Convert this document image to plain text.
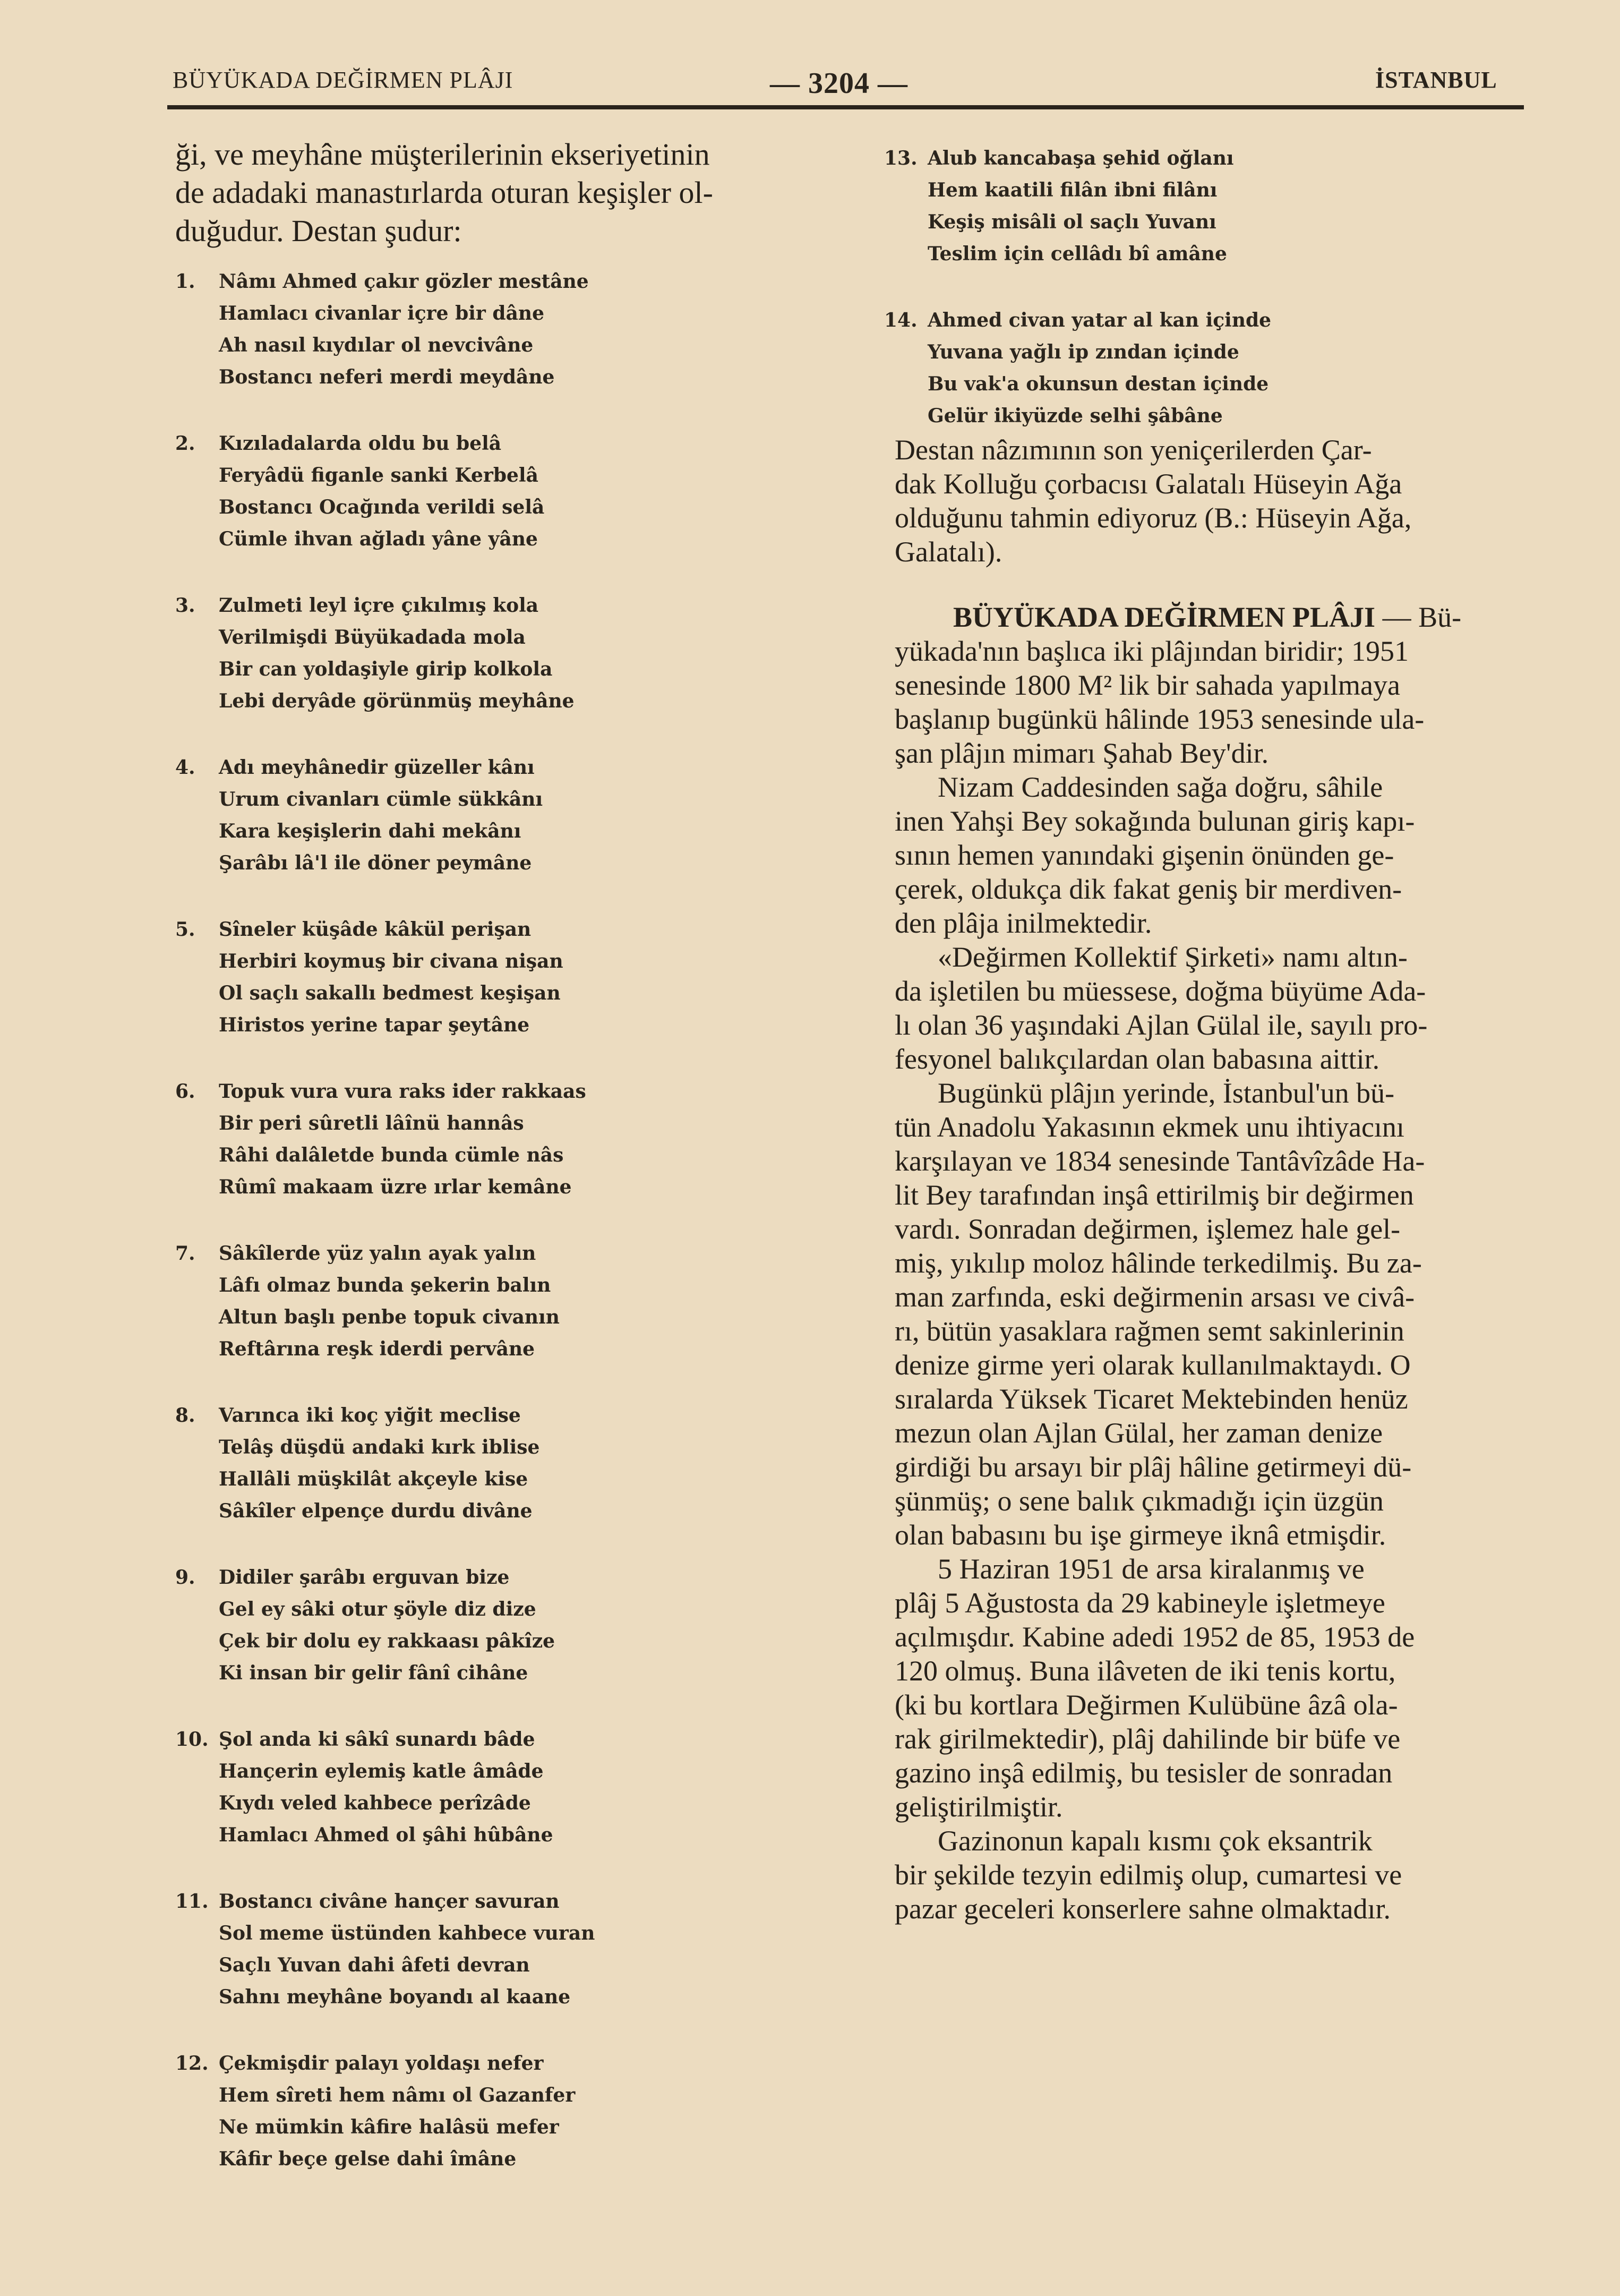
BÜYÜKADA DEĞİRMEN PLÂJI	— 3204 —	İSTANBUL
ği, ve meyhâne müşterilerinin ekseriyetinin
de adadaki manastırlarda oturan keşişler ol-
duğudur. Destan şudur:
1. Nâmı Ahmed çakır gözler mestâne
Hamlacı civanlar içre bir dâne
Ah nasıl kıydılar ol nevcivâne
Bostancı neferi merdi meydâne
2. Kızıladalarda oldu bu belâ
Feryâdü figanle sanki Kerbelâ
Bostancı Ocağında verildi selâ
Cümle ihvan ağladı yâne yâne
3. Zulmeti leyl içre çıkılmış kola
Verilmişdi Büyükadada mola
Bir can yoldaşiyle girip kolkola
Lebi deryâde görünmüş meyhâne
4. Adı meyhânedir güzeller kânı
Urum civanları cümle sükkânı
Kara keşişlerin dahi mekânı
Şarâbı lâ'l ile döner peymâne
5. Sîneler küşâde kâkül perişan
Herbiri koymuş bir civana nişan
Ol saçlı sakallı bedmest keşişan
Hiristos yerine tapar şeytâne
6. Topuk vura vura raks ider rakkaas
Bir peri sûretli lâînü hannâs
Râhi dalâletde bunda cümle nâs
Rûmî makaam üzre ırlar kemâne
7. Sâkîlerde yüz yalın ayak yalın
Lâfı olmaz bunda şekerin balın
Altun başlı penbe topuk civanın
Reftârına reşk iderdi pervâne
8. Varınca iki koç yiğit meclise
Telâş düşdü andaki kırk iblise
Hallâli müşkilât akçeyle kise
Sâkîler elpençe durdu divâne
9. Didiler şarâbı erguvan bize
Gel ey sâki otur şöyle diz dize
Çek bir dolu ey rakkaası pâkîze
Ki insan bir gelir fânî cihâne
10. Şol anda ki sâkî sunardı bâde
Hançerin eylemiş katle âmâde
Kıydı veled kahbece perîzâde
Hamlacı Ahmed ol şâhi hûbâne
11. Bostancı civâne hançer savuran
Sol meme üstünden kahbece vuran
Saçlı Yuvan dahi âfeti devran
Sahnı meyhâne boyandı al kaane
12. Çekmişdir palayı yoldaşı nefer
Hem sîreti hem nâmı ol Gazanfer
Ne mümkin kâfire halâsü mefer
Kâfir beçe gelse dahi îmâne
13. Alub kancabaşa şehid oğlanı
Hem kaatili filân ibni filânı
Keşiş misâli ol saçlı Yuvanı
Teslim için cellâdı bî amâne
14. Ahmed civan yatar al kan içinde
Yuvana yağlı ip zından içinde
Bu vak'a okunsun destan içinde
Gelür ikiyüzde selhi şâbâne
Destan nâzımının son yeniçerilerden Çar-
dak Kolluğu çorbacısı Galatalı Hüseyin Ağa
olduğunu tahmin ediyoruz (B.: Hüseyin Ağa,
Galatalı).
BÜYÜKADA DEĞİRMEN PLÂJI — Bü-
yükada'nın başlıca iki plâjından biridir; 1951
senesinde 1800 M² lik bir sahada yapılmaya
başlanıp bugünkü hâlinde 1953 senesinde ula-
şan plâjın mimarı Şahab Bey'dir.
Nizam Caddesinden sağa doğru, sâhile
inen Yahşi Bey sokağında bulunan giriş kapı-
sının hemen yanındaki gişenin önünden ge-
çerek, oldukça dik fakat geniş bir merdiven-
den plâja inilmektedir.
«Değirmen Kollektif Şirketi» namı altın-
da işletilen bu müessese, doğma büyüme Ada-
lı olan 36 yaşındaki Ajlan Gülal ile, sayılı pro-
fesyonel balıkçılardan olan babasına aittir.
Bugünkü plâjın yerinde, İstanbul'un bü-
tün Anadolu Yakasının ekmek unu ihtiyacını
karşılayan ve 1834 senesinde Tantâvîzâde Ha-
lit Bey tarafından inşâ ettirilmiş bir değirmen
vardı. Sonradan değirmen, işlemez hale gel-
miş, yıkılıp moloz hâlinde terkedilmiş. Bu za-
man zarfında, eski değirmenin arsası ve civâ-
rı, bütün yasaklara rağmen semt sakinlerinin
denize girme yeri olarak kullanılmaktaydı. O
sıralarda Yüksek Ticaret Mektebinden henüz
mezun olan Ajlan Gülal, her zaman denize
girdiği bu arsayı bir plâj hâline getirmeyi dü-
şünmüş; o sene balık çıkmadığı için üzgün
olan babasını bu işe girmeye iknâ etmişdir.
5 Haziran 1951 de arsa kiralanmış ve
plâj 5 Ağustosta da 29 kabineyle işletmeye
açılmışdır. Kabine adedi 1952 de 85, 1953 de
120 olmuş. Buna ilâveten de iki tenis kortu,
(ki bu kortlara Değirmen Kulübüne âzâ ola-
rak girilmektedir), plâj dahilinde bir büfe ve
gazino inşâ edilmiş, bu tesisler de sonradan
geliştirilmiştir.
Gazinonun kapalı kısmı çok eksantrik
bir şekilde tezyin edilmiş olup, cumartesi ve
pazar geceleri konserlere sahne olmaktadır.
